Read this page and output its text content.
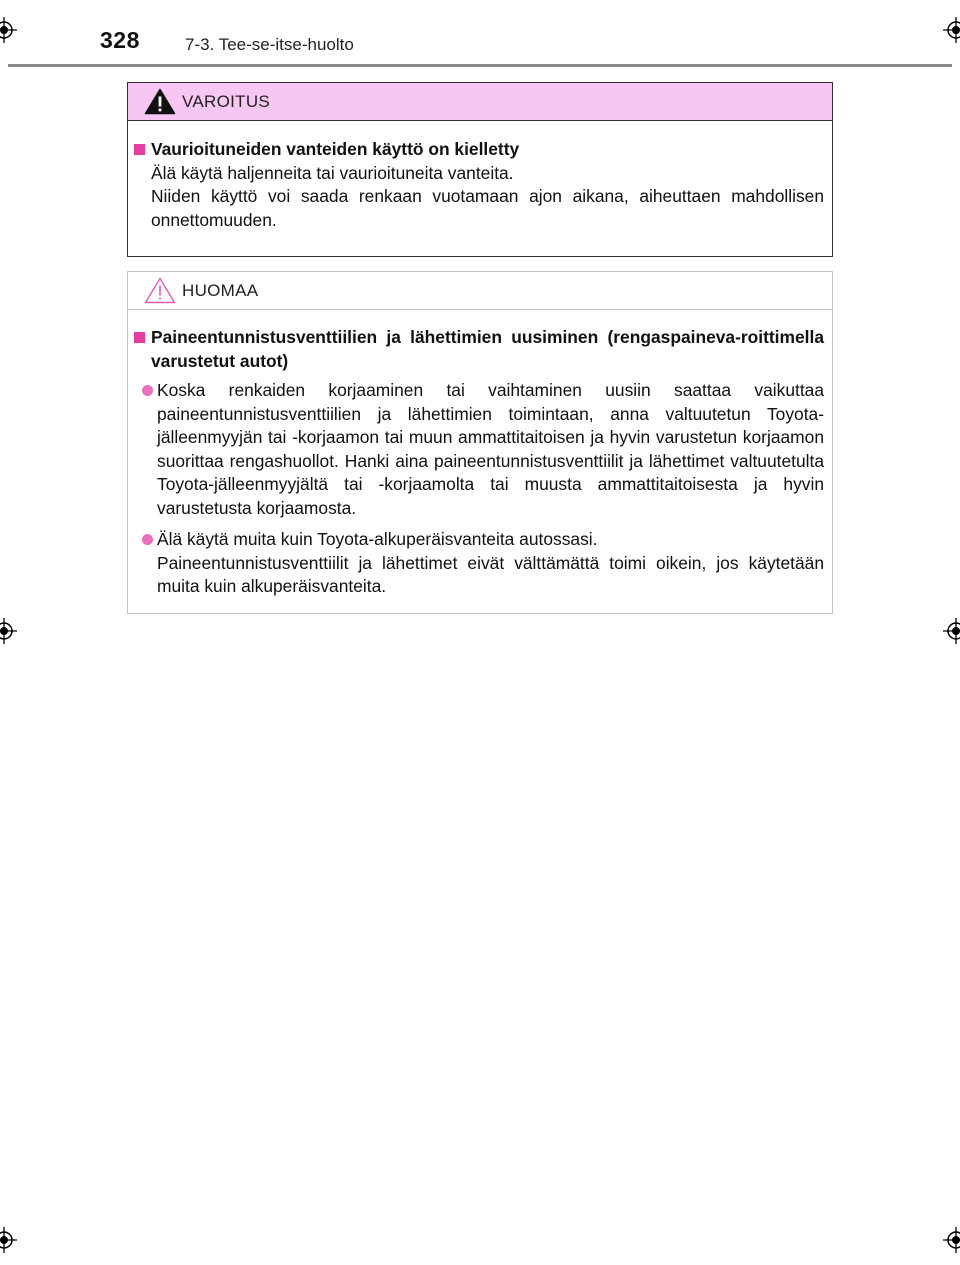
328	7-3. Tee-se-itse-huolto
VAROITUS
Vaurioituneiden vanteiden käyttö on kielletty
Älä käytä haljenneita tai vaurioituneita vanteita.
Niiden käyttö voi saada renkaan vuotamaan ajon aikana, aiheuttaen mahdollisen onnettomuuden.
HUOMAA
Paineentunnistusventtiilien ja lähettimien uusiminen (rengaspaineva-roittimella varustetut autot)
Koska renkaiden korjaaminen tai vaihtaminen uusiin saattaa vaikuttaa paineentunnistusventtiilien ja lähettimien toimintaan, anna valtuutetun Toyota-jälleenmyyjän tai -korjaamon tai muun ammattitaitoisen ja hyvin varustetun korjaamon suorittaa rengashuollot. Hanki aina paineentunnistusventtiilit ja lähettimet valtuutetulta Toyota-jälleenmyyjältä tai -korjaamolta tai muusta ammattitaitoisesta ja hyvin varustetusta korjaamosta.
Älä käytä muita kuin Toyota-alkuperäisvanteita autossasi.
Paineentunnistusventtiilit ja lähettimet eivät välttämättä toimi oikein, jos käytetään muita kuin alkuperäisvanteita.
